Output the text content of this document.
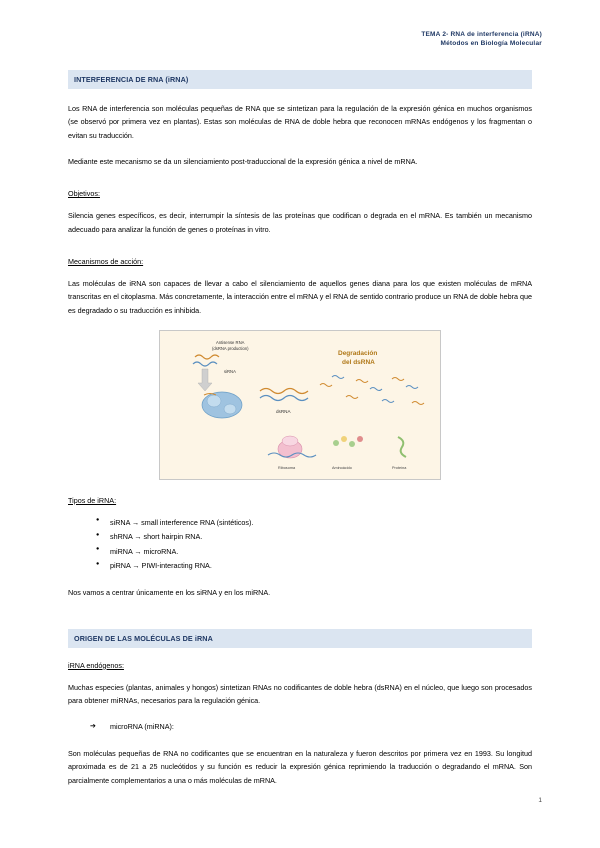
TEMA 2- RNA de interferencia (iRNA)
Métodos en Biología Molecular
INTERFERENCIA DE RNA (iRNA)

Los RNA de interferencia son moléculas pequeñas de RNA que se sintetizan para la regulación de la expresión génica en muchos organismos (se observó por primera vez en plantas). Estas son moléculas de RNA de doble hebra que reconocen mRNAs endógenos y los fragmentan o evitan su traducción.

Mediante este mecanismo se da un silenciamiento post-traduccional de la expresión génica a nivel de mRNA.

Objetivos:

Silencia genes específicos, es decir, interrumpir la síntesis de las proteínas que codifican o degrada en el mRNA. Es también un mecanismo adecuado para analizar la función de genes o proteínas in vitro.

Mecanismos de acción:

Las moléculas de iRNA son capaces de llevar a cabo el silenciamiento de aquellos genes diana para los que existen moléculas de mRNA transcritas en el citoplasma. Más concretamente, la interacción entre el mRNA y el RNA de sentido contrario produce un RNA de doble hebra que es degradado o su traducción es inhibida.

Antisense RNA
(dsRNA production)
siRNA
Degradación
del dsRNA
dsRNA
Ribosoma	Aminoácido	Proteína
Tipos de iRNA:
● siRNA → small interference RNA (sintéticos).
● shRNA → short hairpin RNA.
● miRNA → microRNA.
● piRNA → PIWI-interacting RNA.

Nos vamos a centrar únicamente en los siRNA y en los miRNA.

ORIGEN DE LAS MOLÉCULAS DE iRNA
iRNA endógenos:

Muchas especies (plantas, animales y hongos) sintetizan RNAs no codificantes de doble hebra (dsRNA) en el núcleo, que luego son procesados para obtener miRNAs, necesarios para la regulación génica.

➔ microRNA (miRNA):

Son moléculas pequeñas de RNA no codificantes que se encuentran en la naturaleza y fueron descritos por primera vez en 1993. Su longitud aproximada es de 21 a 25 nucleótidos y su función es reducir la expresión génica reprimiendo la traducción o degradando el mRNA. Son parcialmente complementarios a una o más moléculas de mRNA.

1
